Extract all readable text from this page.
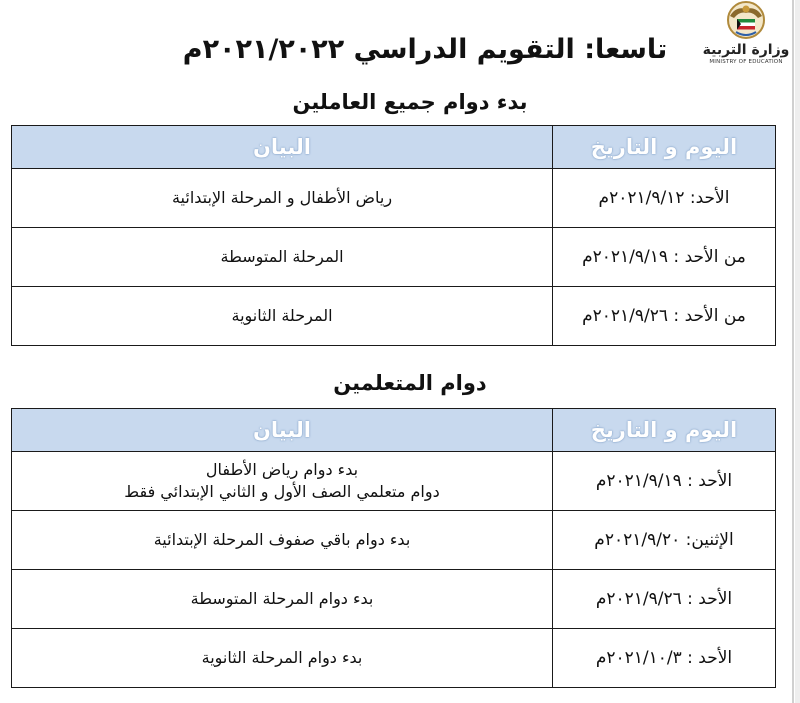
وزارة التربية
MINISTRY OF EDUCATION
تاسعا: التقويم الدراسي ٢٠٢١/٢٠٢٢م
بدء دوام جميع العاملين
البيان	اليوم و التاريخ

رياض الأطفال و المرحلة الإبتدائية	الأحد: ٢٠٢١/٩/١٢م

المرحلة المتوسطة	من الأحد : ٢٠٢١/٩/١٩م

المرحلة الثانوية	من الأحد : ٢٠٢١/٩/٢٦م
دوام المتعلمين
البيان	اليوم و التاريخ

بدء دوام رياض الأطفال
دوام متعلمي الصف الأول و الثاني الإبتدائي فقط	الأحد : ٢٠٢١/٩/١٩م

بدء دوام باقي صفوف المرحلة الإبتدائية	الإثنين: ٢٠٢١/٩/٢٠م

بدء دوام المرحلة المتوسطة	الأحد : ٢٠٢١/٩/٢٦م

بدء دوام المرحلة الثانوية	الأحد : ٢٠٢١/١٠/٣م
